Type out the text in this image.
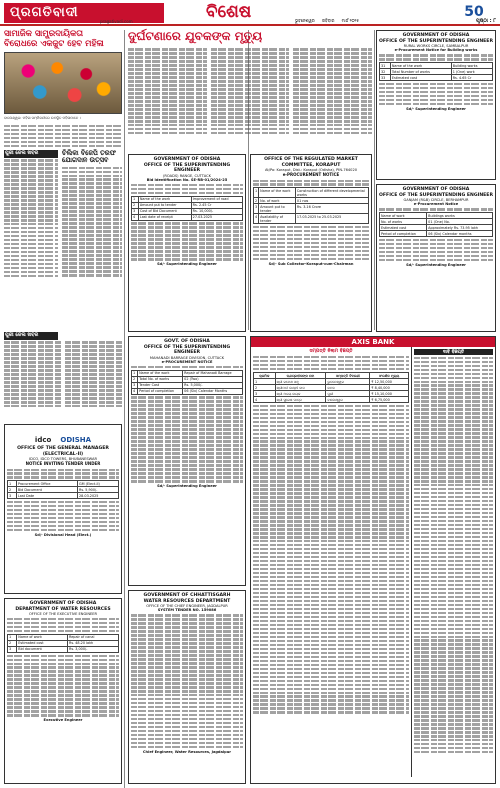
ପ୍ରଗତିବାଦୀ
PRAGATIVADI	pragativadi.com	ବିଶେଷ	50
ଭୁବନେଶ୍ୱର ରବିବାର ମାର୍ଚ୍ଚ ୨୦୨୫	ପୃଷ୍ଠା : ୮
ସାମାଜିକ ସାମ୍ପ୍ରଦାୟିକତା
ବିରୋଧରେ ଏକଜୁଟ ହେବ ମହିଳା
ବାଲେଶ୍ୱର: ମହିଳା ସମ୍ମିଳନୀରେ ଉପସ୍ଥିତ ମହିଳାମାନେ ।
ପୁରୀ ଜେଲ ଖବର	ଚିଲିକା ବିଜେପି ତରଫ
ଯୋଗଦାନ ଉତ୍ସବ
ପୁରୀ ଜେଲ ଖବର
idco ODISHA
OFFICE OF THE GENERAL MANAGER (ELECTRICAL-II)
IDCO, IDCO TOWERS, BHUBANESWAR
NOTICE INVITING TENDER UNDER
1	Procurement Office	GM (Elect-II)
2	Bid Document	Rs. 5,900/-
3	Last Date	28.03.2025
Sd/- Divisional Head (Elect.)
GOVERNMENT OF ODISHA
DEPARTMENT OF WATER RESOURCES
OFFICE OF THE EXECUTIVE ENGINEER
1	Name of work	Repair of canal
2	Estimated cost	Rs. 48.20 lakh
3	Bid document	Rs. 3,000/-
Executive Engineer
ଦୁର୍ଘଟଣାରେ ଯୁବକଙ୍କ ମୃତ୍ୟୁ
GOVERNMENT OF ODISHA
OFFICE OF THE SUPERINTENDING ENGINEER
(ROADS) RANGE, CUTTACK
Bid Identification No. SE-RB-01/2024-25
1	Name of the work	Improvement of road
2	Amount put to tender	Rs. 2.45 Cr
3	Cost of Bid Document	Rs. 10,000/-
4	Last date of receipt	27.03.2025
Sd/- Superintending Engineer
OFFICE OF THE REGULATED MARKET COMMITTEE, KORAPUT
At/Po: Koraput, Dist.: Koraput (Odisha), PIN-764020
e-PROCUREMENT NOTICE
1	Name of the work	Construction of different developmental works
2	No. of work	01 nos
3	Amount put to tender	Rs. 3.16 Crore
4	Availability of tender	17.03.2025 to 25.03.2025
Sd/- Sub Collector-Koraput-cum-Chairman
GOVERNMENT OF ODISHA
OFFICE OF THE SUPERINTENDING ENGINEER
RURAL WORKS CIRCLE, SAMBALPUR
e-Procurement Notice for Building works
31	Name of the work	Building works
32	Total Number of works	1 (One) work
33	Estimated cost	Rs. 4.65 Cr
Sd/- Superintending Engineer
GOVERNMENT OF ODISHA
OFFICE OF THE SUPERINTENDING ENGINEER
GANJAM (R&B) CIRCLE, BERHAMPUR
e-Procurement Notice
Name of work	Buildings works
No. of works	01 (One) No.
Estimated cost	Approximately Rs. 73.95 lakh
Period of completion	06 (Six) Calendar months
Sd/- Superintending Engineer
GOVT. OF ODISHA
OFFICE OF THE SUPERINTENDING ENGINEER
MAHANADI BARRAGE DIVISION, CUTTACK
e-PROCUREMENT NOTICE
1	Name of the work	Repair of Mahanadi Barrage
2	Total No. of works	02 (Two)
3	Tender Cost	Rs. 5,000/-
4	Period of completion	06 (Six) Calendar Months
Sd/- Superintending Engineer
GOVERNMENT OF CHHATTISGARH
WATER RESOURCES DEPARTMENT
OFFICE OF THE CHIEF ENGINEER, JAGDALPUR
SYSTEM TENDER NO. 159086
Chief Engineer, Water Resources, Jagdalpur
AXIS BANK
ସମ୍ପତ୍ତି ନିଲାମ ବିଜ୍ଞପ୍ତି
କ୍ରମିକ	ଋଣଗ୍ରହୀତାଙ୍କ ନାମ	ସମ୍ପତ୍ତି ବିବରଣୀ	ସଂରକ୍ଷିତ ମୂଲ୍ୟ
1	ଶ୍ରୀ ରମେଶ ସାହୁ	ଭୁବନେଶ୍ୱର	₹ 12,50,000
2	ଶ୍ରୀମତୀ ଲକ୍ଷ୍ମୀ ଦାସ	କଟକ	₹ 8,40,000
3	ଶ୍ରୀ ଅଜୟ ନାୟକ	ପୁରୀ	₹ 15,10,000
4	ଶ୍ରୀ ସୁରେଶ ପାତ୍ର	ବାଲେଶ୍ୱର	₹ 6,75,000
ଦାବି ବିଜ୍ଞପ୍ତି
